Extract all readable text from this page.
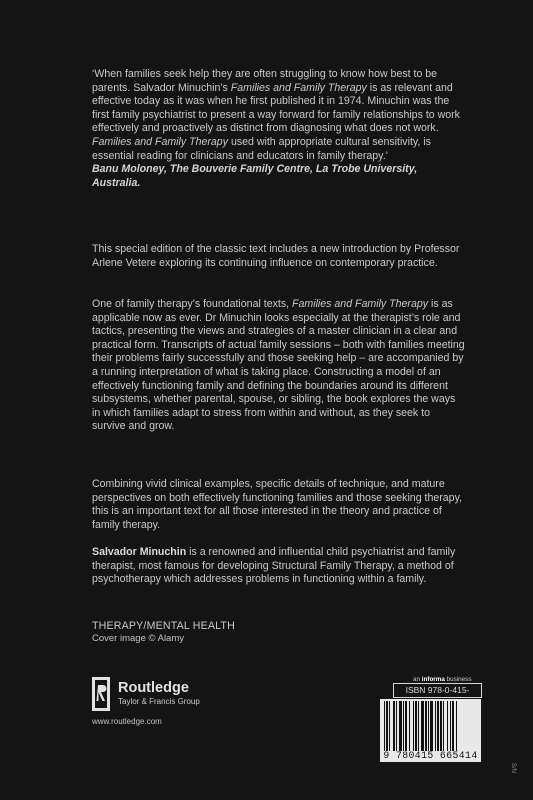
‘When families seek help they are often struggling to know how best to be parents. Salvador Minuchin’s Families and Family Therapy is as relevant and effective today as it was when he first published it in 1974. Minuchin was the first family psychiatrist to present a way forward for family relationships to work effectively and proactively as distinct from diagnosing what does not work. Families and Family Therapy used with appropriate cultural sensitivity, is essential reading for clinicians and educators in family therapy.’

Banu Moloney, The Bouverie Family Centre, La Trobe University, Australia.

This special edition of the classic text includes a new introduction by Professor Arlene Vetere exploring its continuing influence on contemporary practice.

One of family therapy’s foundational texts, Families and Family Therapy is as applicable now as ever. Dr Minuchin looks especially at the therapist’s role and tactics, presenting the views and strategies of a master clinician in a clear and practical form. Transcripts of actual family sessions – both with families meeting their problems fairly successfully and those seeking help – are accompanied by a running interpretation of what is taking place. Constructing a model of an effectively functioning family and defining the boundaries around its different subsystems, whether parental, spouse, or sibling, the book explores the ways in which families adapt to stress from within and without, as they seek to survive and grow.

Combining vivid clinical examples, specific details of technique, and mature perspectives on both effectively functioning families and those seeking therapy, this is an important text for all those interested in the theory and practice of family therapy.

Salvador Minuchin is a renowned and influential child psychiatrist and family therapist, most famous for developing Structural Family Therapy, a method of psychotherapy which addresses problems in functioning within a family.

THERAPY/MENTAL HEALTH
Cover image © Alamy
Routledge
Taylor & Francis Group
www.routledge.com
an informa business
ISBN 978-0-415-
9 780415 665414
S/N
